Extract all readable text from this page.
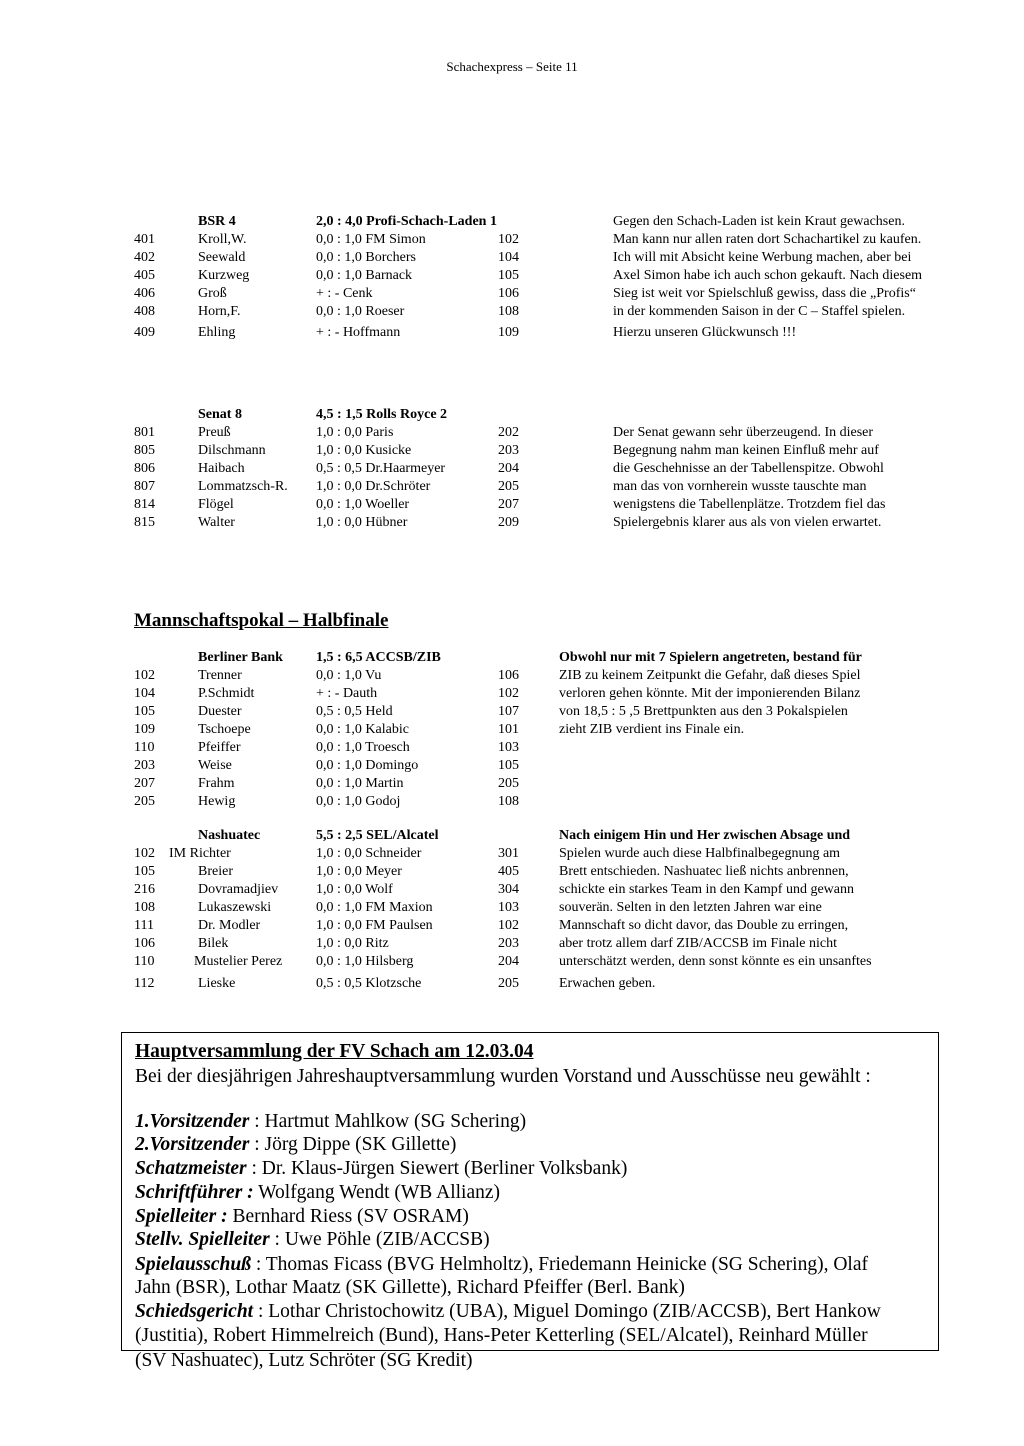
Schachexpress – Seite 11
BSR 4	2,0 : 4,0 Profi-Schach-Laden 1
401	Kroll,W.	0,0 : 1,0 FM Simon	102
402	Seewald	0,0 : 1,0 Borchers	104
405	Kurzweg	0,0 : 1,0 Barnack	105
406	Groß	+ : - Cenk	106
408	Horn,F.	0,0 : 1,0 Roeser	108
409	Ehling	+ : - Hoffmann	109
Gegen den Schach-Laden ist kein Kraut gewachsen.
Man kann nur allen raten dort Schachartikel zu kaufen.
Ich will mit Absicht keine Werbung machen, aber bei
Axel Simon habe ich auch schon gekauft. Nach diesem
Sieg ist weit vor Spielschluß gewiss, dass die „Profis“
in der kommenden Saison in der C – Staffel spielen.
Hierzu unseren Glückwunsch !!!
Senat 8	4,5 : 1,5 Rolls Royce 2
801	Preuß	1,0 : 0,0 Paris	202
805	Dilschmann	1,0 : 0,0 Kusicke	203
806	Haibach	0,5 : 0,5 Dr.Haarmeyer	204
807	Lommatzsch-R. 1,0 : 0,0 Dr.Schröter	205
814	Flögel	0,0 : 1,0 Woeller	207
815	Walter	1,0 : 0,0 Hübner	209
Der Senat gewann sehr überzeugend. In dieser
Begegnung nahm man keinen Einfluß mehr auf
die Geschehnisse an der Tabellenspitze. Obwohl
man das von vornherein wusste tauschte man
wenigstens die Tabellenplätze. Trotzdem fiel das
Spielergebnis klarer aus als von vielen erwartet.
Berliner Bank 1,5 : 6,5 ACCSB/ZIB
102	Trenner	0,0 : 1,0 Vu	106
104	P.Schmidt	+ : - Dauth	102
105	Duester	0,5 : 0,5 Held	107
109	Tschoepe	0,0 : 1,0 Kalabic	101
110	Pfeiffer	0,0 : 1,0 Troesch	103
203	Weise	0,0 : 1,0 Domingo	105
207	Frahm	0,0 : 1,0 Martin	205
205	Hewig	0,0 : 1,0 Godoj	108
Obwohl nur mit 7 Spielern angetreten, bestand für
ZIB zu keinem Zeitpunkt die Gefahr, daß dieses Spiel
verloren gehen könnte. Mit der imponierenden Bilanz
von 18,5 : 5 ,5 Brettpunkten aus den 3 Pokalspielen
zieht ZIB verdient ins Finale ein.
Nashuatec	5,5 : 2,5 SEL/Alcatel
102 IM Richter	1,0 : 0,0 Schneider	301
105	Breier	1,0 : 0,0 Meyer	405
216	Dovramadjiev	1,0 : 0,0 Wolf	304
108	Lukaszewski	0,0 : 1,0 FM Maxion	103
111	Dr. Modler	1,0 : 0,0 FM Paulsen	102
106	Bilek	1,0 : 0,0 Ritz	203
110	Mustelier Perez 0,0 : 1,0 Hilsberg	204
112	Lieske	0,5 : 0,5 Klotzsche	205
Nach einigem Hin und Her zwischen Absage und
Spielen wurde auch diese Halbfinalbegegnung am
Brett entschieden. Nashuatec ließ nichts anbrennen,
schickte ein starkes Team in den Kampf und gewann
souverän. Selten in den letzten Jahren war eine
Mannschaft so dicht davor, das Double zu erringen,
aber trotz allem darf ZIB/ACCSB im Finale nicht
unterschätzt werden, denn sonst könnte es ein unsanftes
Erwachen geben.
Mannschaftspokal – Halbfinale
Hauptversammlung der FV Schach am 12.03.04
Bei der diesjährigen Jahreshauptversammlung wurden Vorstand und Ausschüsse neu gewählt :
1.Vorsitzender : Hartmut Mahlkow (SG Schering)
2.Vorsitzender : Jörg Dippe (SK Gillette)
Schatzmeister : Dr. Klaus-Jürgen Siewert (Berliner Volksbank)
Schriftführer : Wolfgang Wendt (WB Allianz)
Spielleiter : Bernhard Riess (SV OSRAM)
Stellv. Spielleiter : Uwe Pöhle (ZIB/ACCSB)
Spielausschuß : Thomas Ficass (BVG Helmholtz), Friedemann Heinicke (SG Schering), Olaf
Jahn (BSR), Lothar Maatz (SK Gillette), Richard Pfeiffer (Berl. Bank)
Schiedsgericht : Lothar Christochowitz (UBA), Miguel Domingo (ZIB/ACCSB), Bert Hankow
(Justitia), Robert Himmelreich (Bund), Hans-Peter Ketterling (SEL/Alcatel), Reinhard Müller
(SV Nashuatec), Lutz Schröter (SG Kredit)
